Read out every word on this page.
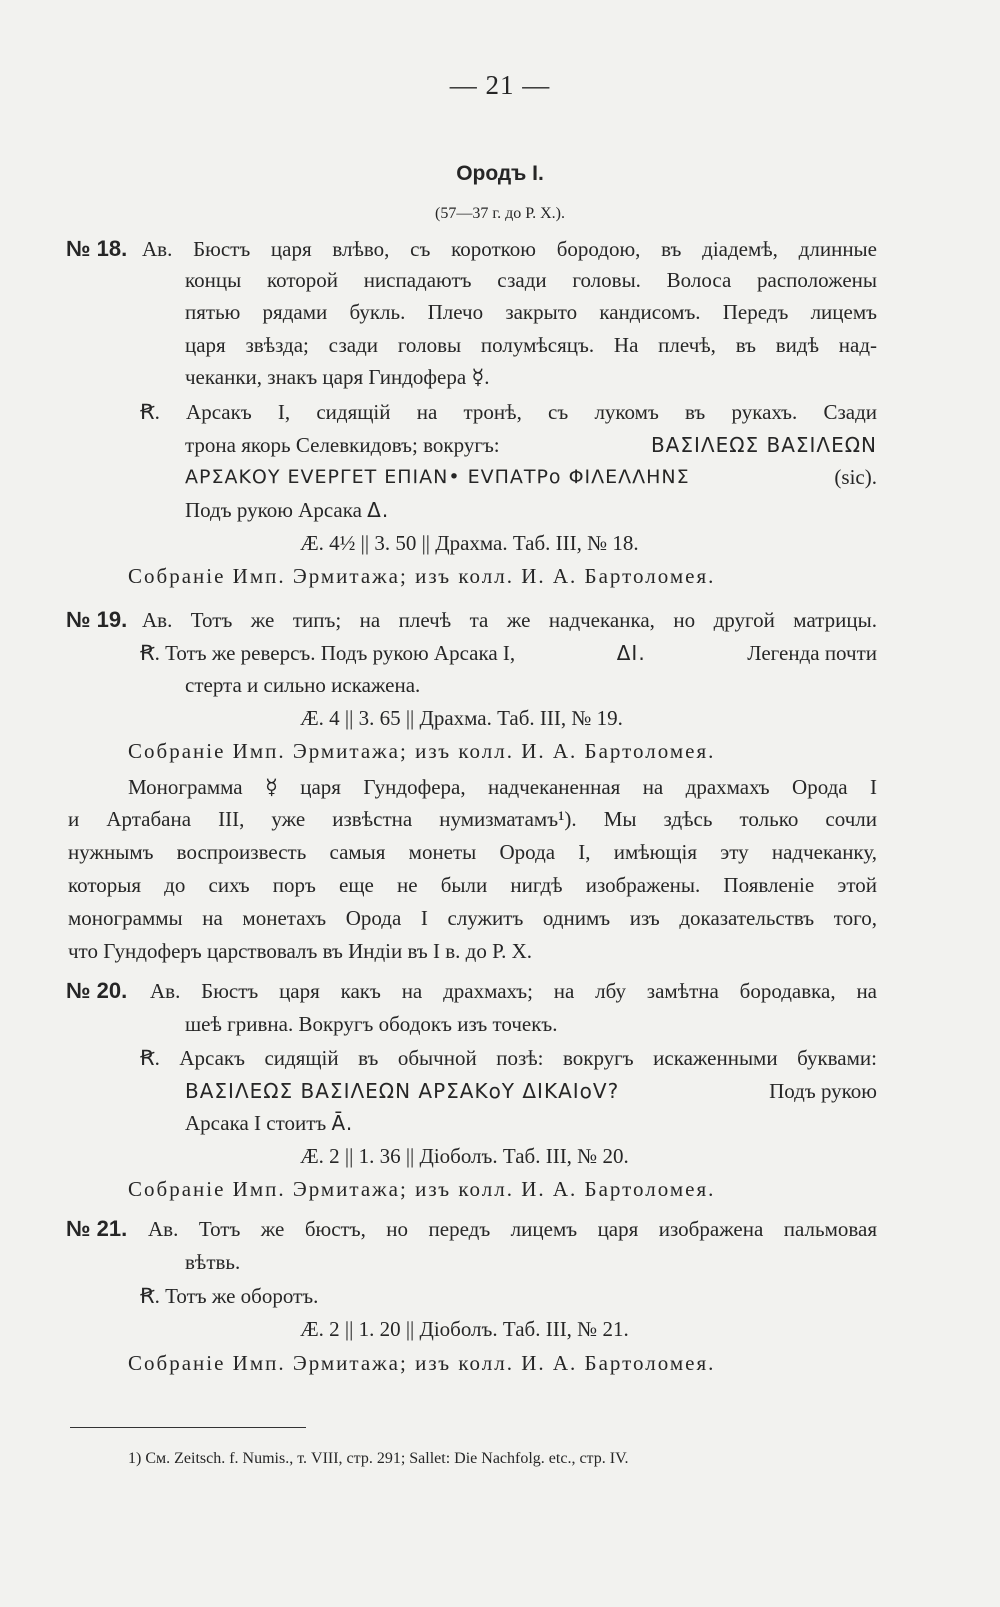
— 21 —
Ородъ I.
(57—37 г. до Р. X.).
№ 18. Ав. Бюстъ царя влѣво, съ короткою бородою, въ діадемѣ, длинные
концы которой ниспадаютъ сзади головы. Волоса расположены
пятью рядами букль. Плечо закрыто кандисомъ. Передъ лицемъ
царя звѣзда; сзади головы полумѣсяцъ. На плечѣ, въ видѣ над-
чеканки, знакъ царя Гиндофера ☿.
Ꞧ. Арсакъ I, сидящій на тронѣ, съ лукомъ въ рукахъ. Сзади
трона якорь Селевкидовъ; вокругъ:	ΒΑΣΙΛΕΩΣ ΒΑΣΙΛΕΩΝ
ΑΡΣΑΚΟΥ ΕVΕΡΓΕΤ ΕΠΙΑΝ• ΕVΠΑΤΡο ΦΙΛΕΛΛΗΝΣ	(sic).
Подъ рукою Арсака Δ.
Æ. 4½ || 3. 50 || Драхма. Таб. III, № 18.
Собраніе Имп. Эрмитажа; изъ колл. И. А. Бартоломея.
№ 19. Ав. Тотъ же типъ; на плечѣ та же надчеканка, но другой матрицы.
Ꞧ. Тотъ же реверсъ. Подъ рукою Арсака I,	ΔΙ.	Легенда почти
стерта и сильно искажена.
Æ. 4 || 3. 65 || Драхма. Таб. III, № 19.
Собраніе Имп. Эрмитажа; изъ колл. И. А. Бартоломея.
Монограмма ☿ царя Гундофера, надчеканенная на драхмахъ Орода I
и Артабана III, уже извѣстна нумизматамъ¹). Мы здѣсь только сочли
нужнымъ воспроизвесть самыя монеты Орода I, имѣющія эту надчеканку,
которыя до сихъ поръ еще не были нигдѣ изображены. Появленіе этой
монограммы на монетахъ Орода I служитъ однимъ изъ доказательствъ того,
что Гундоферъ царствовалъ въ Индіи въ I в. до Р. X.
№ 20. Ав. Бюстъ царя какъ на драхмахъ; на лбу замѣтна бородавка, на
шеѣ гривна. Вокругъ ободокъ изъ точекъ.
Ꞧ. Арсакъ сидящій въ обычной позѣ: вокругъ искаженными буквами:
ΒΑΣΙΛΕΩΣ ΒΑΣΙΛΕΩΝ ΑΡΣΑΚοΥ ΔΙΚΑΙοV?	Подъ рукою
Арсака I стоитъ Ā.
Æ. 2 || 1. 36 || Діоболъ. Таб. III, № 20.
Собраніе Имп. Эрмитажа; изъ колл. И. А. Бартоломея.
№ 21. Ав. Тотъ же бюстъ, но передъ лицемъ царя изображена пальмовая
вѣтвь.
Ꞧ. Тотъ же оборотъ.
Æ. 2 || 1. 20 || Діоболъ. Таб. III, № 21.
Собраніе Имп. Эрмитажа; изъ колл. И. А. Бартоломея.
1) См. Zeitsch. f. Numis., т. VIII, стр. 291; Sallet: Die Nachfolg. etc., стр. IV.
